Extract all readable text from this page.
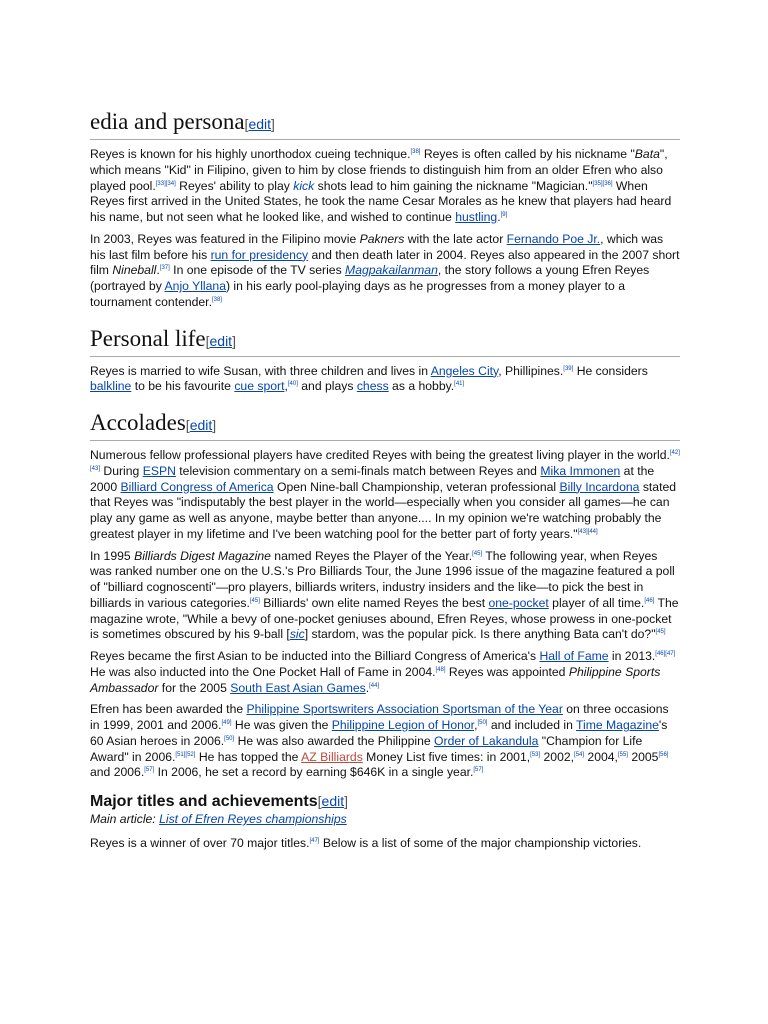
edia and persona[edit]

Reyes is known for his highly unorthodox cueing technique.[38] Reyes is often called by his nickname "Bata", which means "Kid" in Filipino, given to him by close friends to distinguish him from an older Efren who also played pool.[33][34] Reyes' ability to play kick shots lead to him gaining the nickname "Magician."[35][36] When Reyes first arrived in the United States, he took the name Cesar Morales as he knew that players had heard his name, but not seen what he looked like, and wished to continue hustling.[9]

In 2003, Reyes was featured in the Filipino movie Pakners with the late actor Fernando Poe Jr., which was his last film before his run for presidency and then death later in 2004. Reyes also appeared in the 2007 short film Nineball.[37] In one episode of the TV series Magpakailanman, the story follows a young Efren Reyes (portrayed by Anjo Yllana) in his early pool-playing days as he progresses from a money player to a tournament contender.[38]

Personal life[edit]

Reyes is married to wife Susan, with three children and lives in Angeles City, Phillipines.[39] He considers balkline to be his favourite cue sport,[40] and plays chess as a hobby.[41]

Accolades[edit]

Numerous fellow professional players have credited Reyes with being the greatest living player in the world.[42][43] During ESPN television commentary on a semi-finals match between Reyes and Mika Immonen at the 2000 Billiard Congress of America Open Nine-ball Championship, veteran professional Billy Incardona stated that Reyes was "indisputably the best player in the world—especially when you consider all games—he can play any game as well as anyone, maybe better than anyone.... In my opinion we're watching probably the greatest player in my lifetime and I've been watching pool for the better part of forty years."[43][44]

In 1995 Billiards Digest Magazine named Reyes the Player of the Year.[45] The following year, when Reyes was ranked number one on the U.S.'s Pro Billiards Tour, the June 1996 issue of the magazine featured a poll of "billiard cognoscenti"—pro players, billiards writers, industry insiders and the like—to pick the best in billiards in various categories.[45] Billiards' own elite named Reyes the best one-pocket player of all time.[46] The magazine wrote, "While a bevy of one-pocket geniuses abound, Efren Reyes, whose prowess in one-pocket is sometimes obscured by his 9-ball [sic] stardom, was the popular pick. Is there anything Bata can't do?"[45]

Reyes became the first Asian to be inducted into the Billiard Congress of America's Hall of Fame in 2013.[46][47] He was also inducted into the One Pocket Hall of Fame in 2004.[48] Reyes was appointed Philippine Sports Ambassador for the 2005 South East Asian Games.[44]

Efren has been awarded the Philippine Sportswriters Association Sportsman of the Year on three occasions in 1999, 2001 and 2006.[49] He was given the Philippine Legion of Honor,[50] and included in Time Magazine's 60 Asian heroes in 2006.[50] He was also awarded the Philippine Order of Lakandula "Champion for Life Award" in 2006.[51][52] He has topped the AZ Billiards Money List five times: in 2001,[53] 2002,[54] 2004,[55] 2005[56] and 2006.[57] In 2006, he set a record by earning $646K in a single year.[57]

Major titles and achievements[edit]
Main article: List of Efren Reyes championships

Reyes is a winner of over 70 major titles.[47] Below is a list of some of the major championship victories.
